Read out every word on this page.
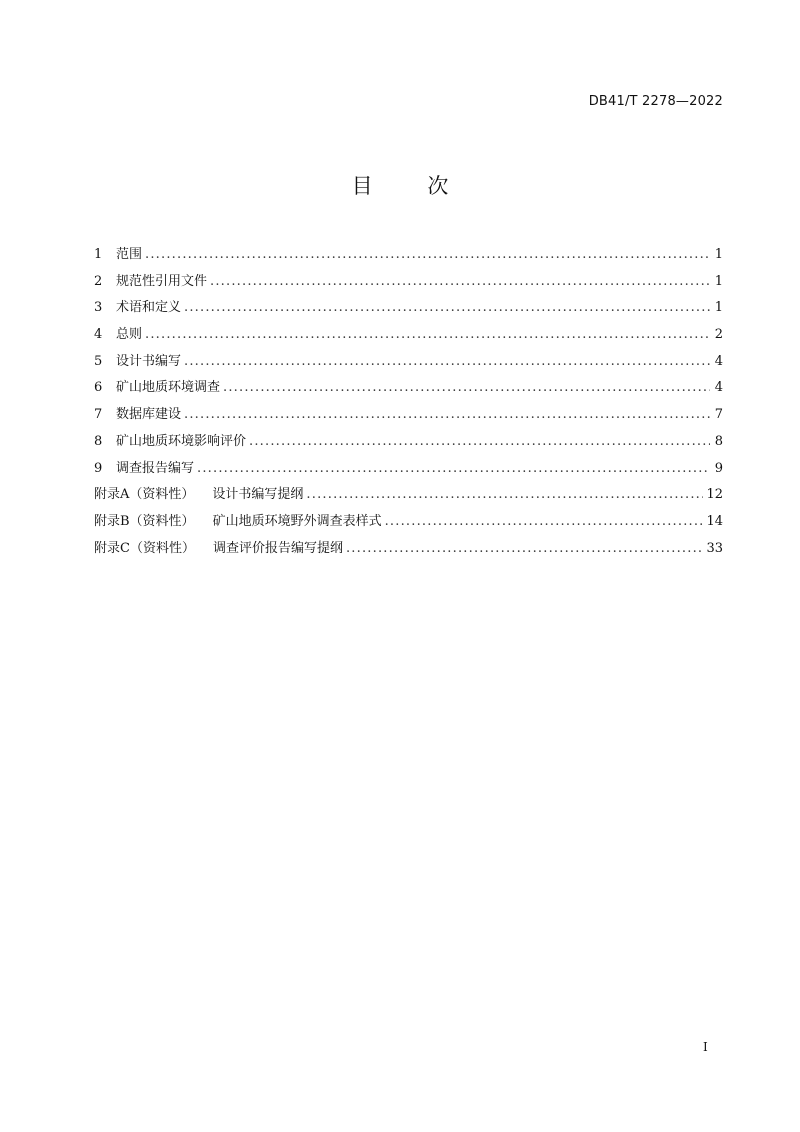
DB41/T 2278—2022
目	次
1	范围 .....	1
2	规范性引用文件 .....	1
3	术语和定义 .....	1
4	总则 .....	2
5	设计书编写 .....	4
6	矿山地质环境调查 .....	4
7	数据库建设 .....	7
8	矿山地质环境影响评价 .....	8
9	调查报告编写 .....	9
附录A（资料性） 设计书编写提纲 .....	12
附录B（资料性） 矿山地质环境野外调查表样式 .....	14
附录C（资料性） 调查评价报告编写提纲 .....	33
I
